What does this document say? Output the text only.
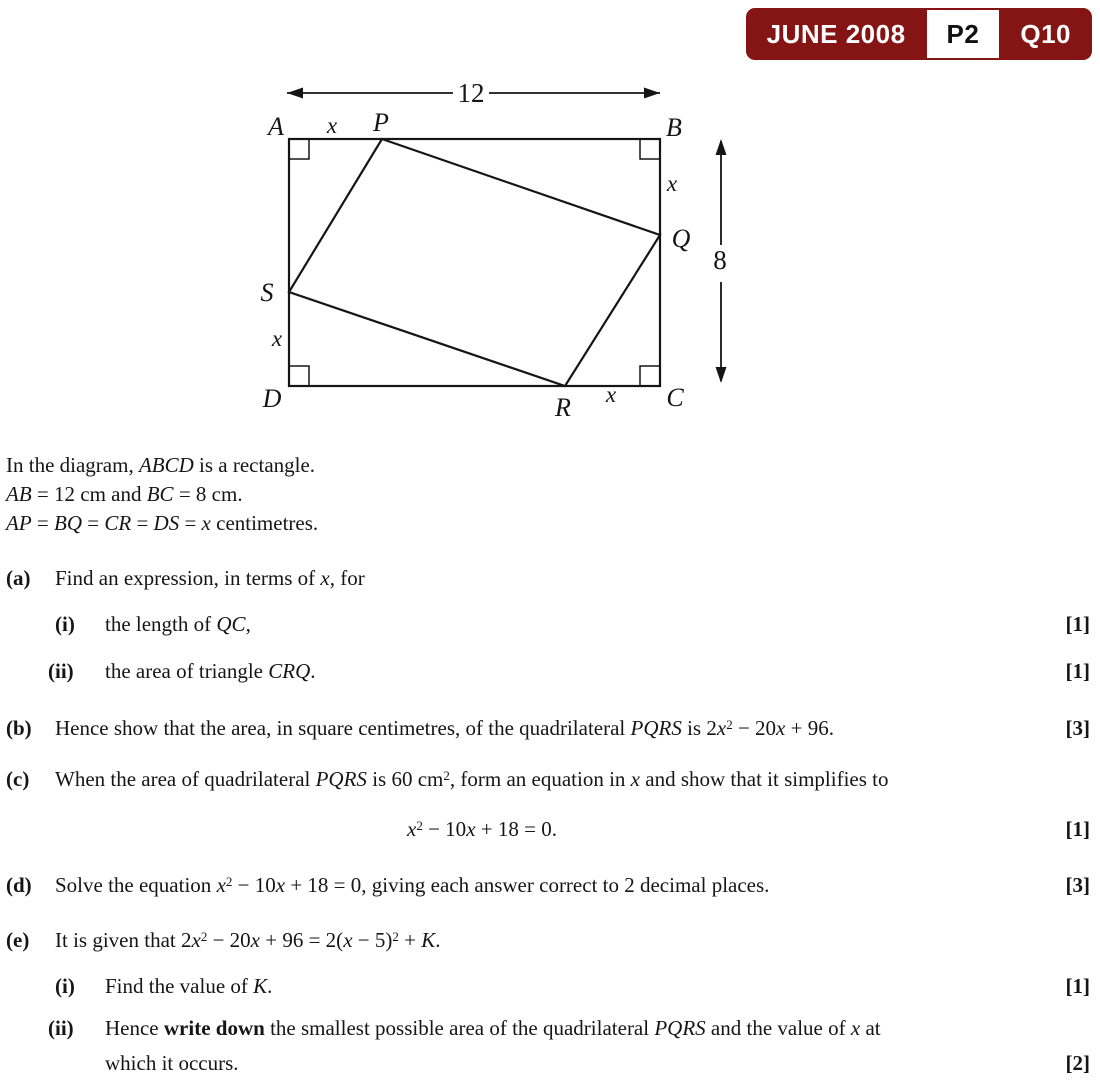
JUNE 2008	P2	Q10
12
8
A	P	B
Q
S
D	R	C
x
x
x
x
In the diagram, ABCD is a rectangle.
AB = 12 cm and BC = 8 cm.
AP = BQ = CR = DS = x centimetres.
(a) Find an expression, in terms of x, for
(i) the length of QC,	[1]
(ii) the area of triangle CRQ.	[1]
(b) Hence show that the area, in square centimetres, of the quadrilateral PQRS is $2x^2 - 20x + 96$.	[3]
(c) When the area of quadrilateral PQRS is 60 $cm^2$, form an equation in x and show that it simplifies to
$x^2 - 10x + 18 = 0$.	[1]
(d) Solve the equation $x^2 - 10x + 18 = 0$, giving each answer correct to 2 decimal places.	[3]
(e) It is given that $2x^2 - 20x + 96 = 2(x - 5)^2 + K$.
(i) Find the value of K.	[1]
(ii) Hence write down the smallest possible area of the quadrilateral PQRS and the value of x at
which it occurs.	[2]
